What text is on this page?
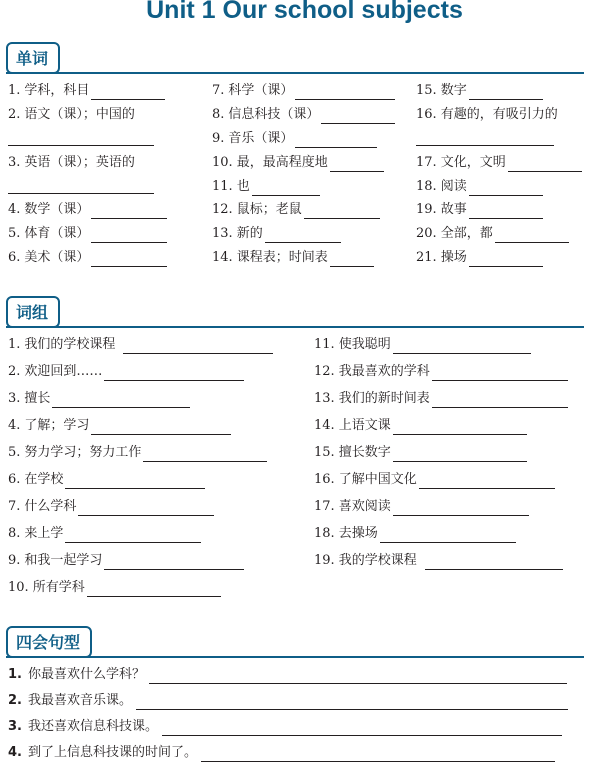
Unit 1 Our school subjects
单词
1. 学科，科目
2. 语文（课）；中国的
3. 英语（课）；英语的
4. 数学（课）
5. 体育（课）
6. 美术（课）
7. 科学（课）
8. 信息科技（课）
9. 音乐（课）
10. 最，最高程度地
11. 也
12. 鼠标；老鼠
13. 新的
14. 课程表；时间表
15. 数字
16. 有趣的，有吸引力的
17. 文化，文明
18. 阅读
19. 故事
20. 全部，都
21. 操场
词组
1. 我们的学校课程
2. 欢迎回到……
3. 擅长
4. 了解；学习
5. 努力学习；努力工作
6. 在学校
7. 什么学科
8. 来上学
9. 和我一起学习
10. 所有学科
11. 使我聪明
12. 我最喜欢的学科
13. 我们的新时间表
14. 上语文课
15. 擅长数字
16. 了解中国文化
17. 喜欢阅读
18. 去操场
19. 我的学校课程
四会句型
1. 你最喜欢什么学科？
2. 我最喜欢音乐课。
3. 我还喜欢信息科技课。
4. 到了上信息科技课的时间了。
